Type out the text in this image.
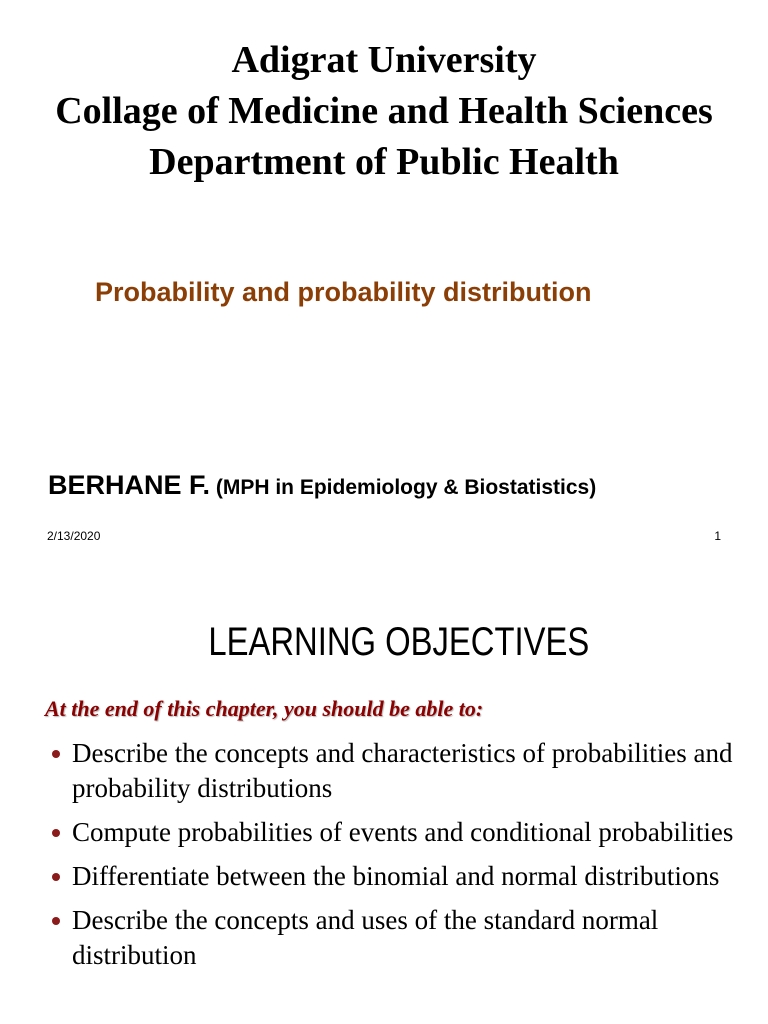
Adigrat University
Collage of Medicine and Health Sciences
Department of Public Health
Probability and probability distribution
BERHANE F. (MPH in Epidemiology & Biostatistics)
2/13/2020	1
LEARNING OBJECTIVES
At the end of this chapter, you should be able to:
Describe the concepts and characteristics of probabilities and probability distributions
Compute probabilities of events and conditional probabilities
Differentiate between the binomial and normal distributions
Describe the concepts and uses of the standard normal distribution
